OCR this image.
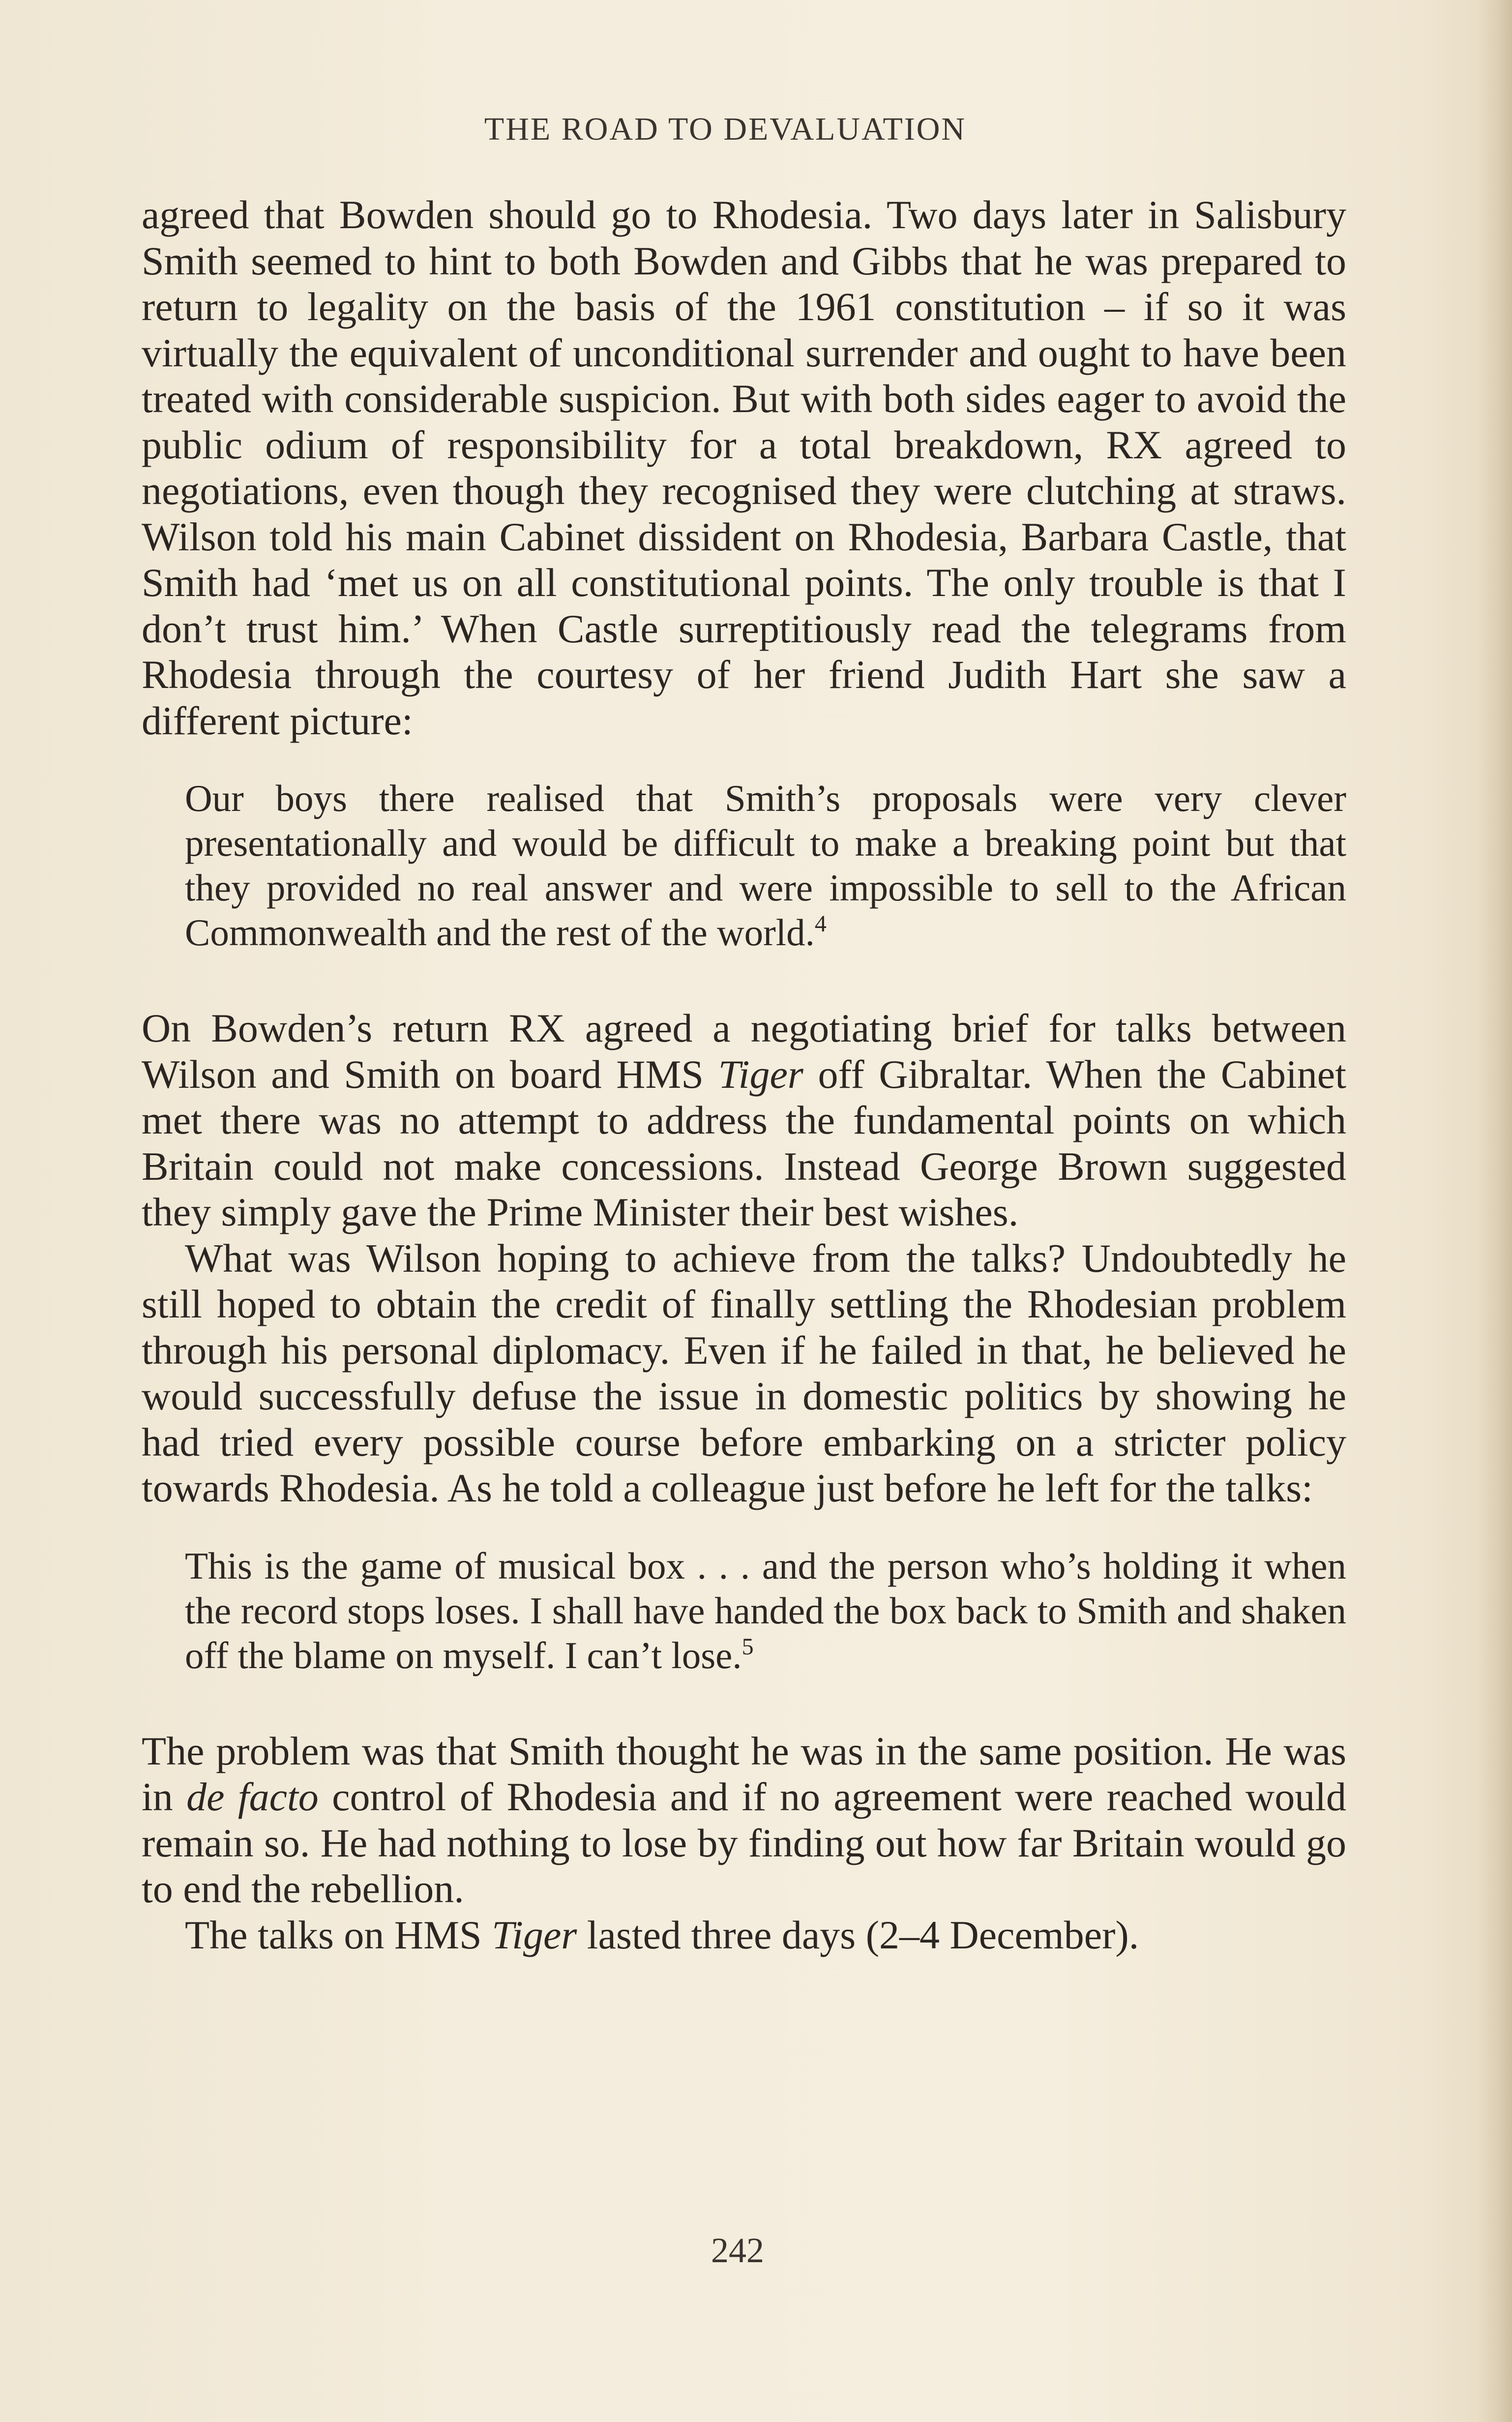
THE ROAD TO DEVALUATION

agreed that Bowden should go to Rhodesia. Two days later in Salisbury Smith seemed to hint to both Bowden and Gibbs that he was prepared to return to legality on the basis of the 1961 constitution – if so it was virtually the equivalent of unconditional surrender and ought to have been treated with considerable suspicion. But with both sides eager to avoid the public odium of responsibility for a total breakdown, RX agreed to negotiations, even though they recognised they were clutching at straws. Wilson told his main Cabinet dissident on Rhodesia, Barbara Castle, that Smith had ‘met us on all constitutional points. The only trouble is that I don’t trust him.’ When Castle surreptitiously read the telegrams from Rhodesia through the courtesy of her friend Judith Hart she saw a different picture:

Our boys there realised that Smith’s proposals were very clever presentationally and would be difficult to make a breaking point but that they provided no real answer and were impossible to sell to the African Commonwealth and the rest of the world.$^4$

On Bowden’s return RX agreed a negotiating brief for talks between Wilson and Smith on board HMS Tiger off Gibraltar. When the Cabinet met there was no attempt to address the fundamental points on which Britain could not make concessions. Instead George Brown suggested they simply gave the Prime Minister their best wishes.

What was Wilson hoping to achieve from the talks? Undoubtedly he still hoped to obtain the credit of finally settling the Rhodesian problem through his personal diplomacy. Even if he failed in that, he believed he would successfully defuse the issue in domestic politics by showing he had tried every possible course before embarking on a stricter policy towards Rhodesia. As he told a colleague just before he left for the talks:

This is the game of musical box . . . and the person who’s holding it when the record stops loses. I shall have handed the box back to Smith and shaken off the blame on myself. I can’t lose.$^5$

The problem was that Smith thought he was in the same position. He was in de facto control of Rhodesia and if no agreement were reached would remain so. He had nothing to lose by finding out how far Britain would go to end the rebellion.

The talks on HMS Tiger lasted three days (2–4 December).

242
